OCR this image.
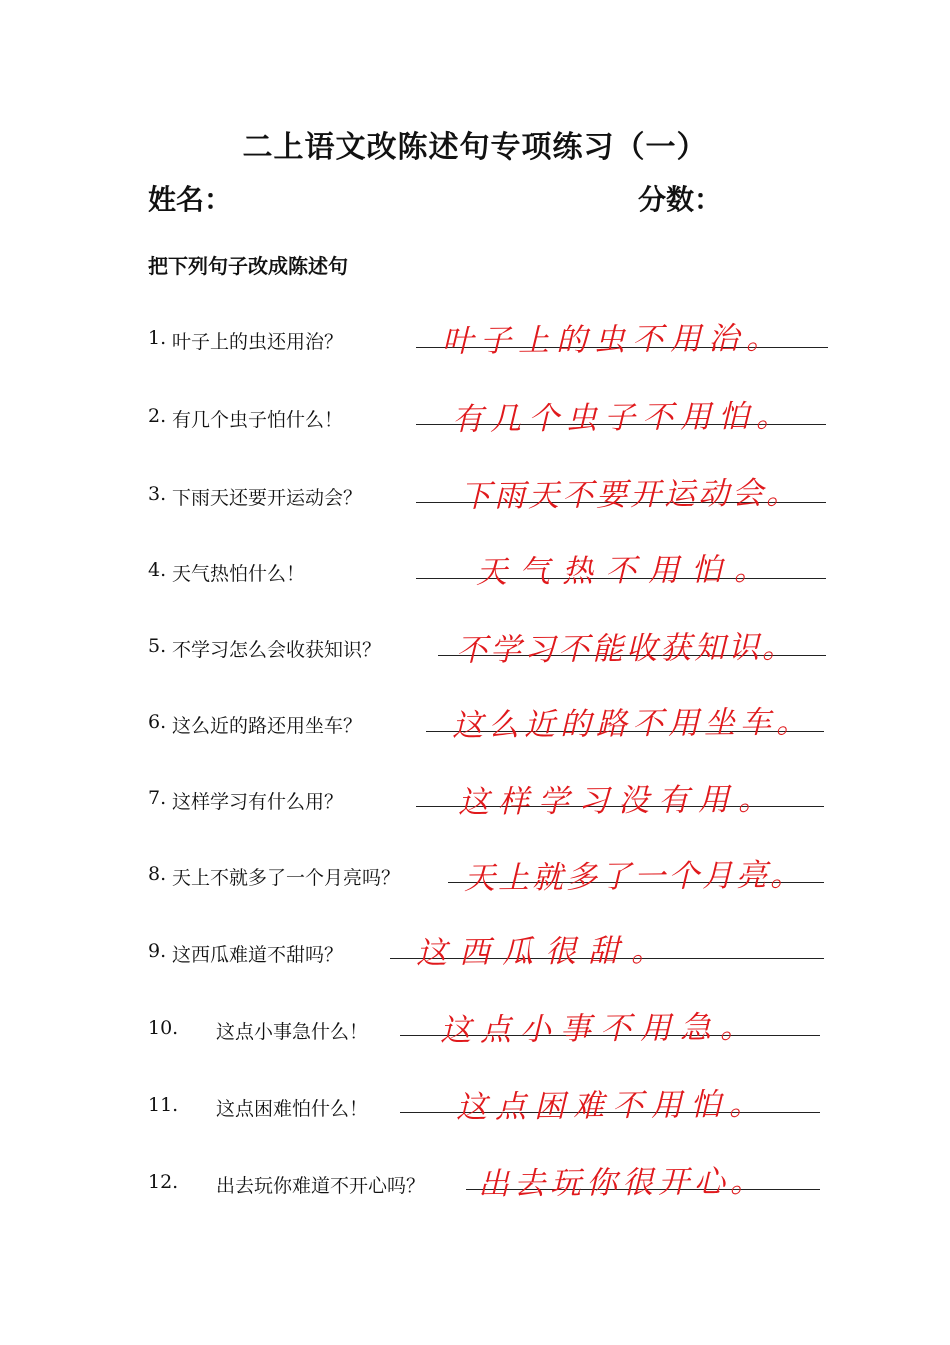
二上语文改陈述句专项练习（一）
姓名：	分数：
把下列句子改成陈述句
1. 叶子上的虫还用治？	叶子上的虫不用治。
2. 有几个虫子怕什么！	有几个虫子不用怕。
3. 下雨天还要开运动会？	下雨天不要开运动会。
4. 天气热怕什么！	天气热不用怕。
5. 不学习怎么会收获知识？ 不学习不能收获知识。
6. 这么近的路还用坐车？	这么近的路不用坐车。
7. 这样学习有什么用？	这样学习没有用。
8. 天上不就多了一个月亮吗？ 天上就多了一个月亮。
9. 这西瓜难道不甜吗？ 这西瓜很甜。
10. 这点小事急什么！ 这点小事不用急。
11. 这点困难怕什么！	这点困难不用怕。
12. 出去玩你难道不开心吗？ 出去玩你很开心。
